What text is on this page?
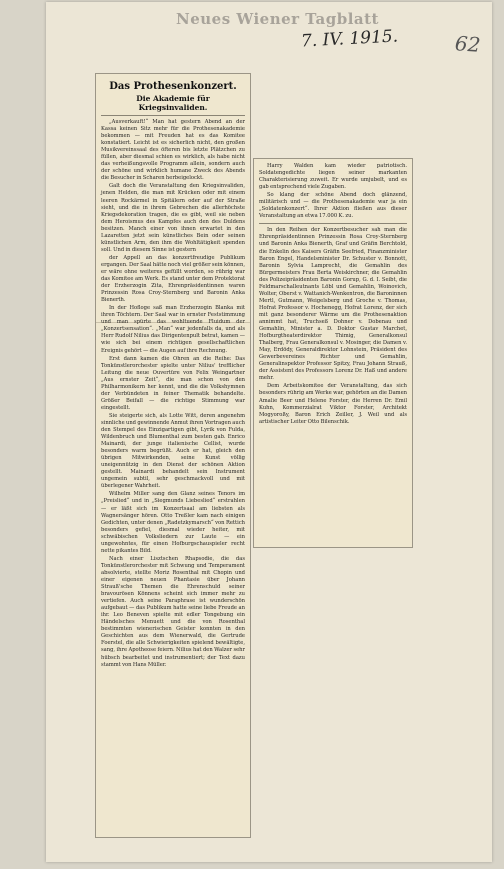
Neues Wiener Tagblatt
7. IV. 1915.	62
Das Prothesenkonzert.
Die Akademie für Kriegsinvaliden.

„Ausverkauft!“ Man hat gestern Abend an der Kassa keinen Sitz mehr für die Prothesenakademie bekommen — mit Freuden hat es das Komitee konstatiert. Leicht ist es sicherlich nicht, den großen Musikvereinssaal des öfteren bis letzte Plätzchen zu füllen, aber diesmal schien es wirklich, als habe nicht das verheißungsvolle Programm allein, sondern auch der schöne und wirklich humane Zweck des Abends die Besucher in Scharen herbeigelockt.

Galt doch die Veranstaltung den Kriegsinvaliden, jenen Helden, die man mit Krücken oder mit einem leeren Rockärmel in Spitälern oder auf der Straße sieht, und die in ihrem Gebrechen die allerhöchste Kriegsdekoration tragen, die es gibt, weil sie neben dem Heroismus des Kampfes auch den des Duldens besitzen. Manch einer von ihnen erwartet in den Lazaretten jetzt sein künstliches Bein oder seinen künstlichen Arm, den ihm die Wohltätigkeit spenden soll. Und in diesem Sinne ist gestern

der Appell an das konzertfreudige Publikum ergangen. Der Saal hätte noch viel größer sein können, er wäre ohne weiteres gefüllt worden, so rührig war das Komitee am Werk. Es stand unter dem Protektorat der Erzherzogin Zita, Ehrenpräsidentinnen waren Prinzessin Rosa Croy-Sternberg und Baronin Anka Bienerth.

In der Hofloge saß man Erzherzogin Blanka mit ihren Töchtern. Der Saal war in ernster Feststimmung und man spürte das wohltuende Fluidum der „Konzertsensation“. „Man“ war jedenfalls da, und als Herr Rudolf Nilius das Dirigentenpult betrat, kamen — wie sich bei einem richtigen gesellschaftlichen Ereignis gehört — die Augen auf ihre Rechnung.

Erst dann kamen die Ohren an die Reihe: Das Tonkünstlerorchester spielte unter Nilius' trefflicher Leitung die neue Ouvertüre von Felix Weingartner „Aus ernster Zeit“, die man schon von den Philharmonikern her kennt, und die die Volkshymnen der Verbündeten in feiner Thematik behandelte. Größer Beifall — die richtige Stimmung war eingestellt.

Sie steigerte sich, als Lotte Witt, deren angenehm sinnliche und gewinnende Anmut ihren Vortragen auch den Stempel des Einzigartigen gibt, Lyrik von Fulda, Wildenbruch und Blumenthal zum besten gab. Enrico Mainardi, der junge italienische Cellist, wurde besonders warm begrüßt. Auch er hat, gleich den übrigen Mitwirkenden, seine Kunst völlig uneigennützig in den Dienst der schönen Aktion gestellt. Mainardi behandelt sein Instrument ungemein subtil, sehr geschmackvoll und mit überlegener Wahrheit.

Wilhelm Miller sang den Glanz seines Tenors im „Preislied“ und in „Siegmunds Liebeslied“ erstrahlen — er läßt sich im Konzertsaal am liebsten als Wagnersänger hören. Otto Treßler kam nach einigen Gedichten, unter denen „Radetzkymarsch“ von Rettich besonders gefiel, diesmal wieder heiter, mit schwäbischen Volksliedern zur Laute — ein ungewohntes, für einen Hofburgschauspieler recht nette pikantes Bild.

Nach einer Lisztschen Rhapsodie, die das Tonkünstlerorchester mit Schwung und Temperament absolvierte, stellte Moriz Rosenthal mit Chopin und einer eigenen neuen Phantasie über Johann Strauß'sche Themen die Ehrenschuld seiner bravourösen Könnens scheint sich immer mehr zu vertiefen. Auch seine Paraphrase ist wunderschön aufgebaut — das Publikum hatte seine liebe Freude an ihr. Leo Beneven spielte mit edler Tongebung ein Händelsches Menuett und die von Rosenthal bestimmten wienerischen Geister konnten in den Geschichten aus dem Wienerwald, die Gertrude Foerstel, die alle Schwierigkeiten spielend bewältigte, sang, ihre Apotheose feiern. Nilius hat den Walzer sehr hübsch bearbeitet und instrumentiert; der Text dazu stammt von Hans Müller.

Harry Walden kam wieder patriotisch. Soldatengedichte liegen seiner markanten Charakterisierung zuweit. Er wurde umjubelt, und es gab entsprechend viele Zugaben.

So klang der schöne Abend doch glänzend, militärisch und — die Prothesenakademie war ja ein „Soldatenkonzert“. Ihrer Aktion fließen aus dieser Veranstaltung an etwa 17.000 K. zu.

In den Reihen der Konzertbesucher sah man die Ehrenpräsidentinnen Prinzessin Rosa Croy-Sternberg und Baronin Anka Bienerth, Graf und Gräfin Berchtold, die Enkelin des Kaisers Gräfin Seefried, Finanzminister Baron Engel, Handelsminister Dr. Schuster v. Bonnott, Baronin Sylvia Lamprecht, die Gemahlin des Bürgermeisters Frau Berta Weiskirchner, die Gemahlin des Polizeipräsidenten Baronin Gorup, G. d. I. Seibt, die Feldmarschalleutnants Löbl und Gemahlin, Woinovich, Wolter, Oberst v. Wattanich-Wenkentron, die Baroninnen Mertl, Gutmann, Weigelsberg und Groche v. Thomas, Hofrat Professor v. Hochenegg, Hofrat Lorenz, der sich mit ganz besonderer Wärme um die Prothesenaktion annimmt hat, Truchseß Dohner v. Dobenau und Gemahlin, Minister a. D. Doktor Gustav Marchet, Hofburgtheaterdirektor Thimig, Generalkonsul Thalberg, Frau Generalkonsul v. Mosinger, die Damen v. May, Erdödy, Generaldirektor Lohnstein, Präsident des Gewerbevereines Richter und Gemahlin, Generalinspektor Professor Spitzy, Frau Johann Strauß, der Assistent des Professors Lorenz Dr. Haß und andere mehr.

Dem Arbeitskomitee der Veranstaltung, das sich besonders rührig am Werke war, gehörten an die Damen Amalie Beer und Helene Forster, die Herren Dr. Emil Kuhn, Kommerzialrat Viktor Forster, Architekt Mogyoroßy, Baron Erich Zeiller, J. Weil und als artistischer Leiter Otto Bilenschik.
